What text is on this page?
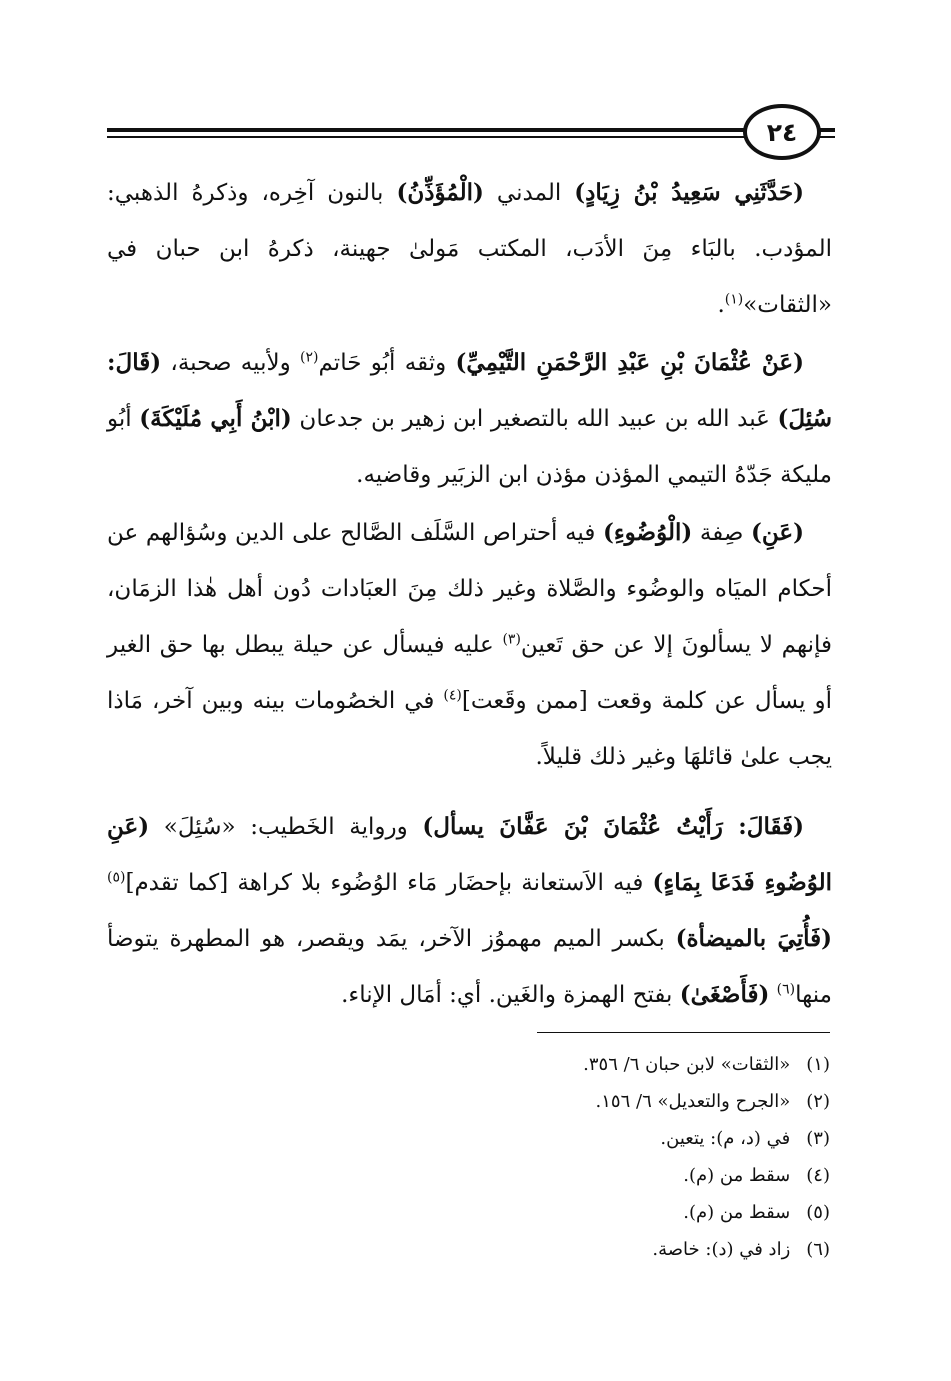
٢٤

(حَدَّثَنِي سَعِيدُ بْنُ زِيَادٍ) المدني (الْمُؤَذِّنُ) بالنون آخِره، وذكرهُ الذهبي: المؤدب. بالبَاء مِنَ الأدَب، المكتب مَولىٰ جهينة، ذكرهُ ابن حبان في «الثقات»$^{(١)}$.

(عَنْ عُثْمَانَ بْنِ عَبْدِ الرَّحْمَنِ التَّيْمِيِّ) وثقه أبُو حَاتم$^{(٢)}$ ولأبيه صحبة، (قَالَ: سُئِلَ) عَبد الله بن عبيد الله بالتصغير ابن زهير بن جدعان (ابْنُ أَبِي مُلَيْكَةَ) أبُو مليكة جَدّهُ التيمي المؤذن مؤذن ابن الزبَير وقاضيه.

(عَنِ) صِفة (الْوُضُوءِ) فيه أحتراص السَّلَف الصَّالح على الدين وسُؤالهم عن أحكام الميَاه والوضُوء والصَّلاة وغير ذلك مِنَ العبَادات دُون أهل هٰذا الزمَان، فإنهم لا يسألونَ إلا عن حق تَعين$^{(٣)}$ عليه فيسأل عن حيلة يبطل بها حق الغير أو يسأل عن كلمة وقعت [ممن وقَعت]$^{(٤)}$ في الخصُومات بينه وبين آخر، مَاذا يجب علىٰ قائلهَا وغير ذلك قليلاً.

(فَقَالَ: رَأَيْتُ عُثْمَانَ بْنَ عَفَّانَ يسأل) ورواية الخَطيب: «سُئِلَ» (عَنِ الوُضُوءِ فَدَعَا بِمَاءٍ) فيه الاَستعانة بإحضَار مَاء الوُضُوء بلا كراهة [كما تقدم]$^{(٥)}$ (فَأُتِيَ بالميضأة) بكسر الميم مهموُز الآخر، يمَد ويقصر، هو المطهرة يتوضأ منها$^{(٦)}$ (فَأَصْغَىٰ) بفتح الهمزة والغَين. أي: أمَال الإناء.

(١) «الثقات» لابن حبان ٦/ ٣٥٦.
(٢) «الجرح والتعديل» ٦/ ١٥٦.
(٣) في (د، م): يتعين.
(٤) سقط من (م).
(٥) سقط من (م).
(٦) زاد في (د): خاصة.
